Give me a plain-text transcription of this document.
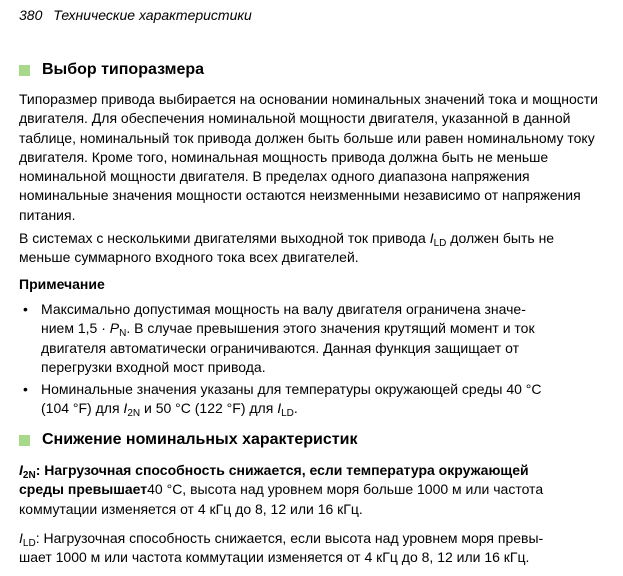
380 Технические характеристики
Выбор типоразмера
Типоразмер привода выбирается на основании номинальных значений тока и мощности двигателя. Для обеспечения номинальной мощности двигателя, указанной в данной таблице, номинальный ток привода должен быть больше или равен номинальному току двигателя. Кроме того, номинальная мощность привода должна быть не меньше номинальной мощности двигателя. В пределах одного диапазона напряжения номинальные значения мощности остаются неизменными независимо от напряжения питания.
В системах с несколькими двигателями выходной ток привода $I_{LD}$ должен быть не меньше суммарного входного тока всех двигателей.
Примечание
• Максимально допустимая мощность на валу двигателя ограничена значе-
нием $1,5 \cdot P_N$. В случае превышения этого значения крутящий момент и ток
двигателя автоматически ограничиваются. Данная функция защищает от
перегрузки входной мост привода.
• Номинальные значения указаны для температуры окружающей среды 40 °C
(104 °F) для $I_{2N}$ и 50 °C (122 °F) для $I_{LD}$.
Снижение номинальных характеристик
$I_{2N}$: Нагрузочная способность снижается, если температура окружающей
среды превышает40 °C, высота над уровнем моря больше 1000 м или частота
коммутации изменяется от 4 кГц до 8, 12 или 16 кГц.
$I_{LD}$: Нагрузочная способность снижается, если высота над уровнем моря превы-
шает 1000 м или частота коммутации изменяется от 4 кГц до 8, 12 или 16 кГц.
